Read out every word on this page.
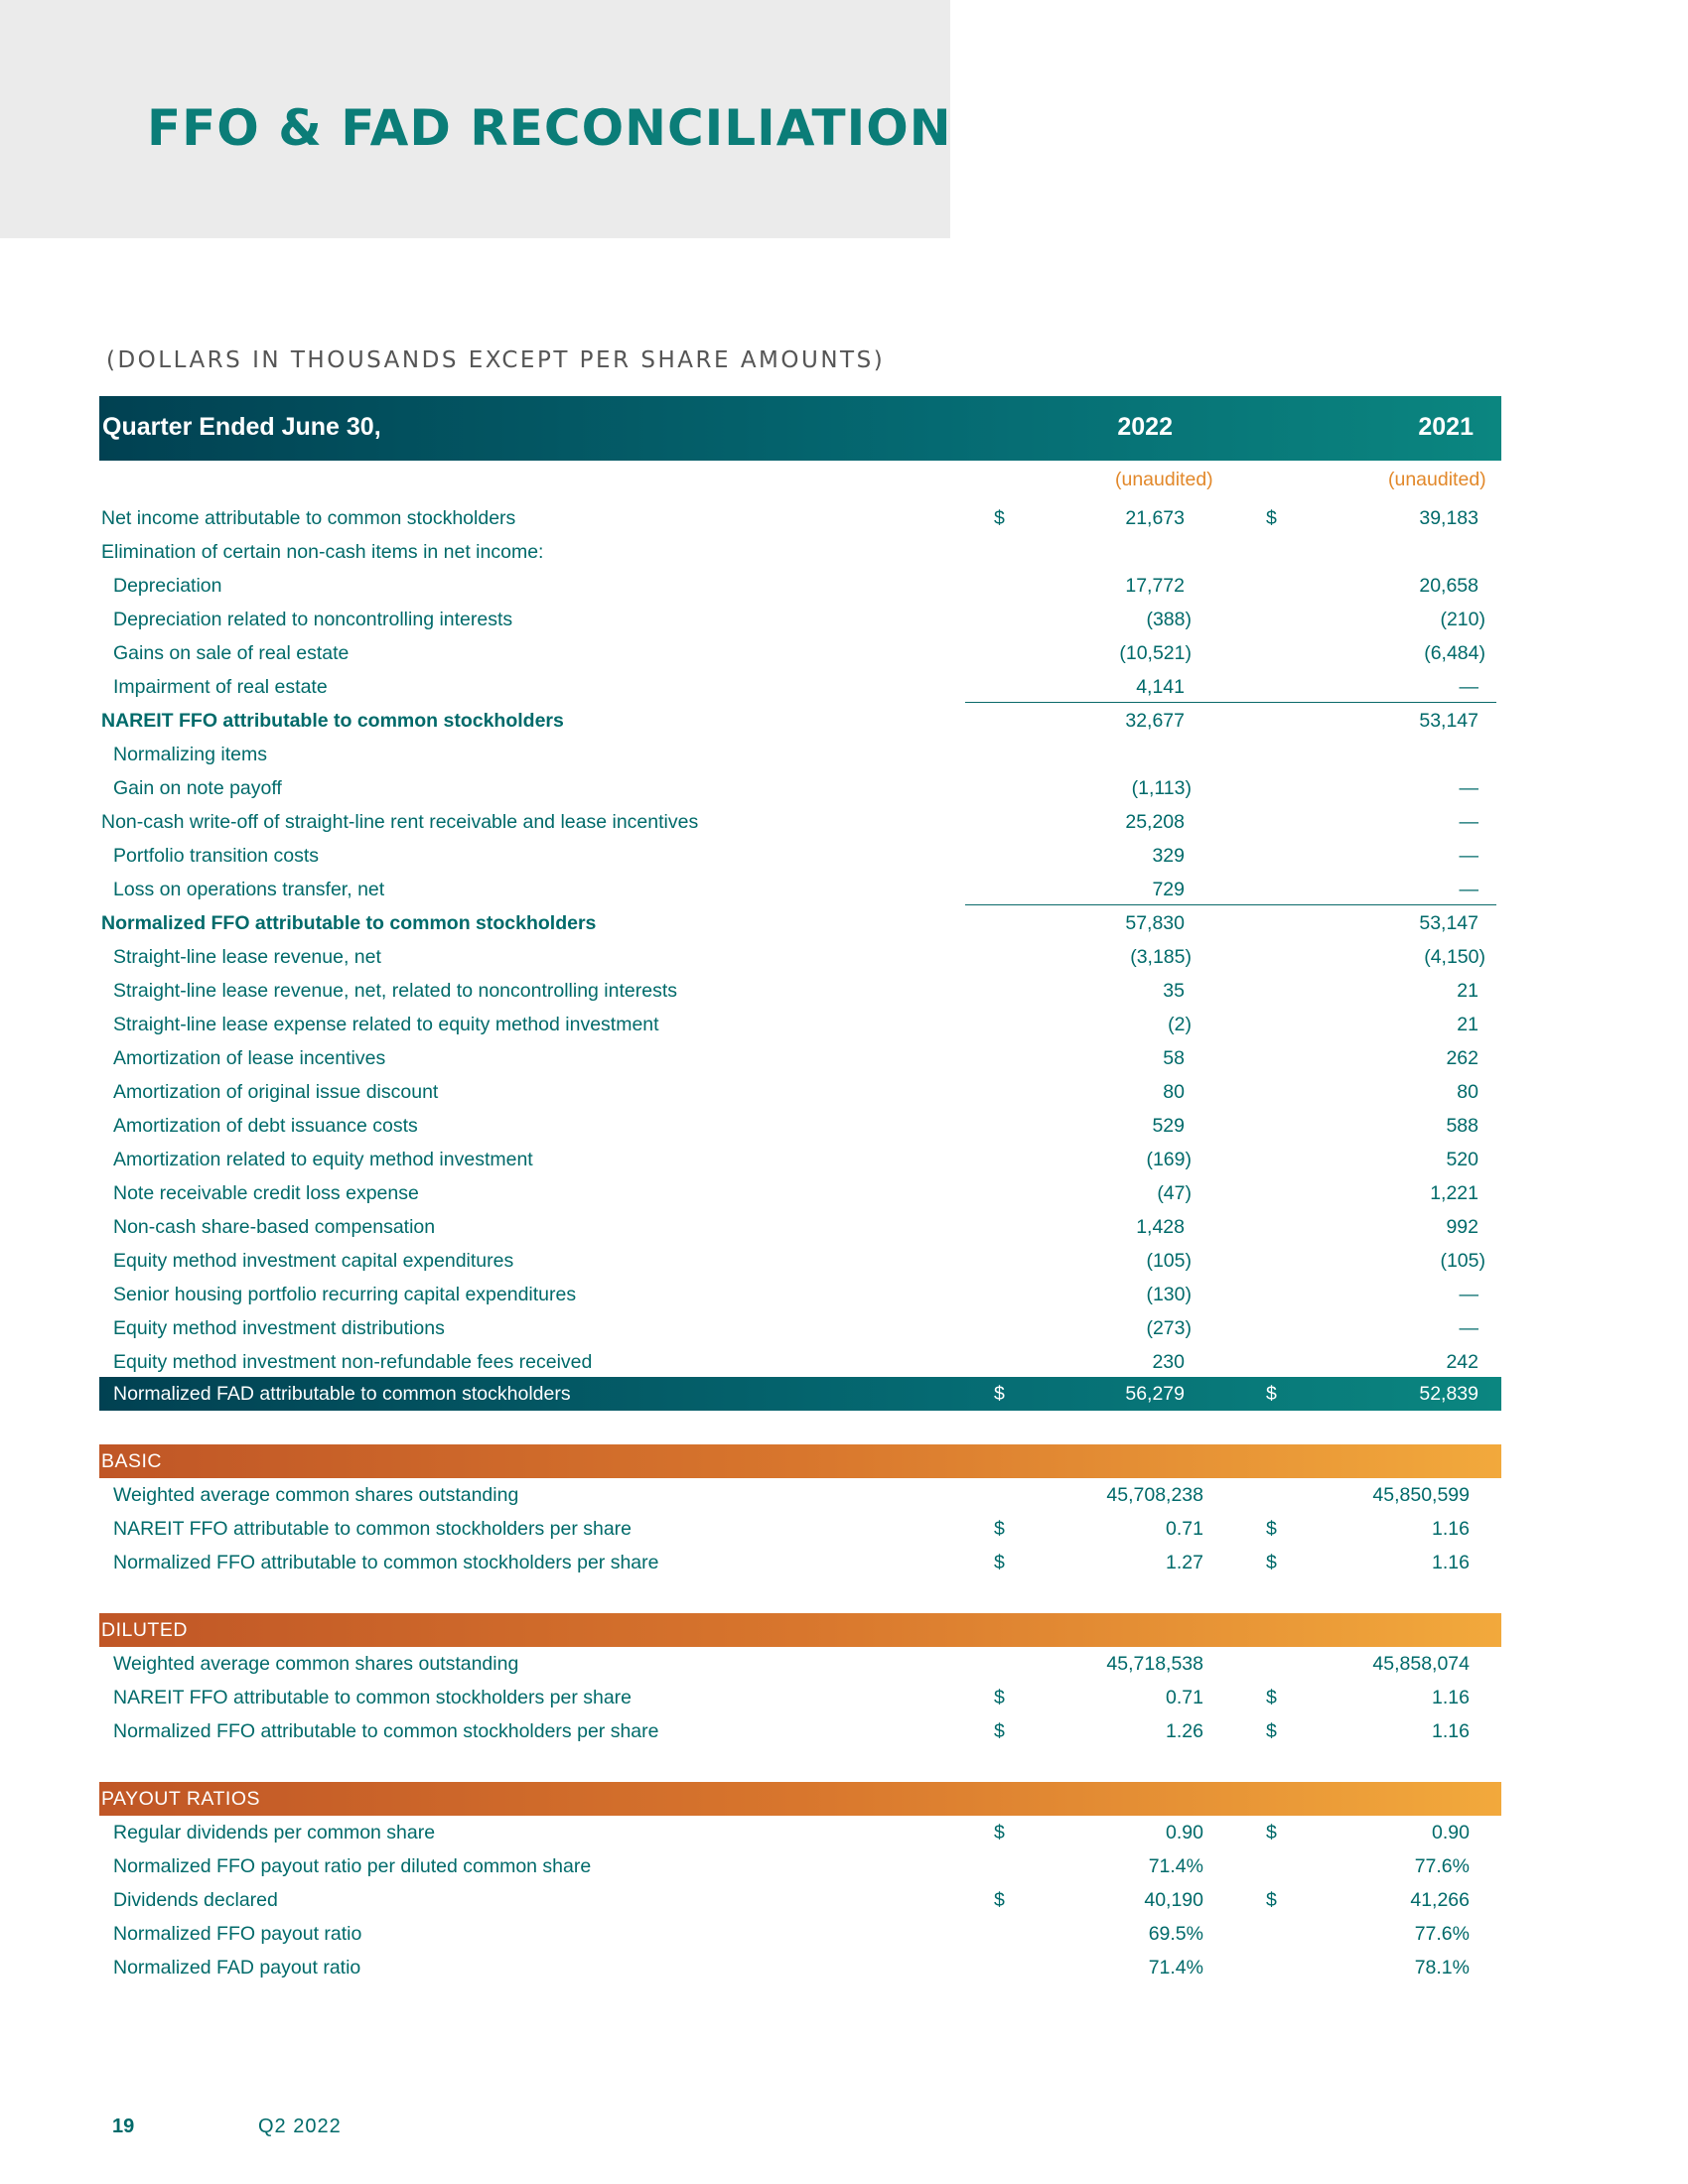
FFO & FAD RECONCILIATION
(DOLLARS IN THOUSANDS EXCEPT PER SHARE AMOUNTS)
Quarter Ended June 30,	2022	2021
(unaudited)	(unaudited)
Net income attributable to common stockholders	$	21,673	$	39,183
Elimination of certain non-cash items in net income:
Depreciation	17,772	20,658
Depreciation related to noncontrolling interests	(388)	(210)
Gains on sale of real estate	(10,521)	(6,484)
Impairment of real estate	4,141	—
NAREIT FFO attributable to common stockholders	32,677	53,147
Normalizing items
Gain on note payoff	(1,113)	—
Non-cash write-off of straight-line rent receivable and lease incentives	25,208	—
Portfolio transition costs	329	—
Loss on operations transfer, net	729	—
Normalized FFO attributable to common stockholders	57,830	53,147
Straight-line lease revenue, net	(3,185)	(4,150)
Straight-line lease revenue, net, related to noncontrolling interests	35	21
Straight-line lease expense related to equity method investment	(2)	21
Amortization of lease incentives	58	262
Amortization of original issue discount	80	80
Amortization of debt issuance costs	529	588
Amortization related to equity method investment	(169)	520
Note receivable credit loss expense	(47)	1,221
Non-cash share-based compensation	1,428	992
Equity method investment capital expenditures	(105)	(105)
Senior housing portfolio recurring capital expenditures	(130)	—
Equity method investment distributions	(273)	—
Equity method investment non-refundable fees received	230	242
Normalized FAD attributable to common stockholders	$	56,279	$	52,839
BASIC
Weighted average common shares outstanding	45,708,238	45,850,599
NAREIT FFO attributable to common stockholders per share	$	0.71	$	1.16
Normalized FFO attributable to common stockholders per share	$	1.27	$	1.16
DILUTED
Weighted average common shares outstanding	45,718,538	45,858,074
NAREIT FFO attributable to common stockholders per share	$	0.71	$	1.16
Normalized FFO attributable to common stockholders per share	$	1.26	$	1.16
PAYOUT RATIOS
Regular dividends per common share	$	0.90	$	0.90
Normalized FFO payout ratio per diluted common share	71.4%	77.6%
Dividends declared	$	40,190	$	41,266
Normalized FFO payout ratio	69.5%	77.6%
Normalized FAD payout ratio	71.4%	78.1%
19	Q2 2022
